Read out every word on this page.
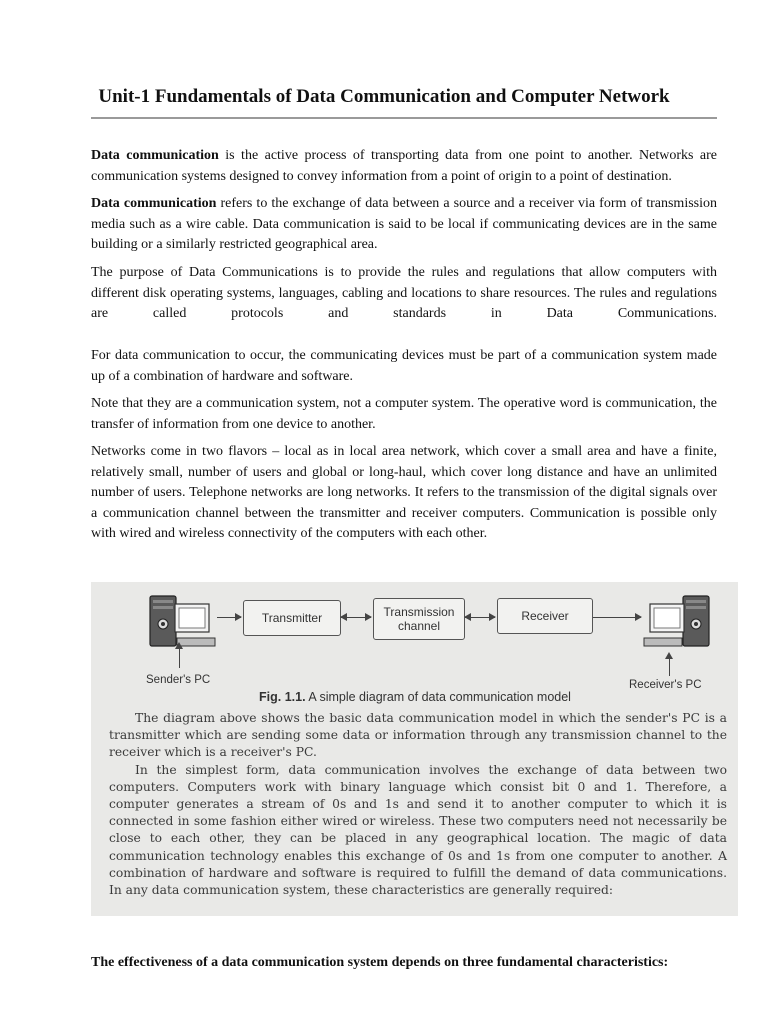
Unit-1 Fundamentals of Data Communication and Computer Network

Data communication is the active process of transporting data from one point to another. Networks are communication systems designed to convey information from a point of origin to a point of destination.

Data communication refers to the exchange of data between a source and a receiver via form of transmission media such as a wire cable. Data communication is said to be local if communicating devices are in the same building or a similarly restricted geographical area.

The purpose of Data Communications is to provide the rules and regulations that allow computers with different disk operating systems, languages, cabling and locations to share resources. The rules and regulations are called protocols and standards in Data Communications.

For data communication to occur, the communicating devices must be part of a communication system made up of a combination of hardware and software.

Note that they are a communication system, not a computer system. The operative word is communication, the transfer of information from one device to another.

Networks come in two flavors – local as in local area network, which cover a small area and have a finite, relatively small, number of users and global or long-haul, which cover long distance and have an unlimited number of users. Telephone networks are long networks. It refers to the transmission of the digital signals over a communication channel between the transmitter and receiver computers. Communication is possible only with wired and wireless connectivity of the computers with each other.

Transmitter	Transmission channel
Receiver
Sender's PC	Receiver's PC
Fig. 1.1. A simple diagram of data communication model

The diagram above shows the basic data communication model in which the sender's PC is a transmitter which are sending some data or information through any transmission channel to the receiver which is a receiver's PC.

In the simplest form, data communication involves the exchange of data between two computers. Computers work with binary language which consist bit 0 and 1. Therefore, a computer generates a stream of 0s and 1s and send it to another computer to which it is connected in some fashion either wired or wireless. These two computers need not necessarily be close to each other, they can be placed in any geographical location. The magic of data communication technology enables this exchange of 0s and 1s from one computer to another. A combination of hardware and software is required to fulfill the demand of data communications. In any data communication system, these characteristics are generally required:

The effectiveness of a data communication system depends on three fundamental characteristics:
